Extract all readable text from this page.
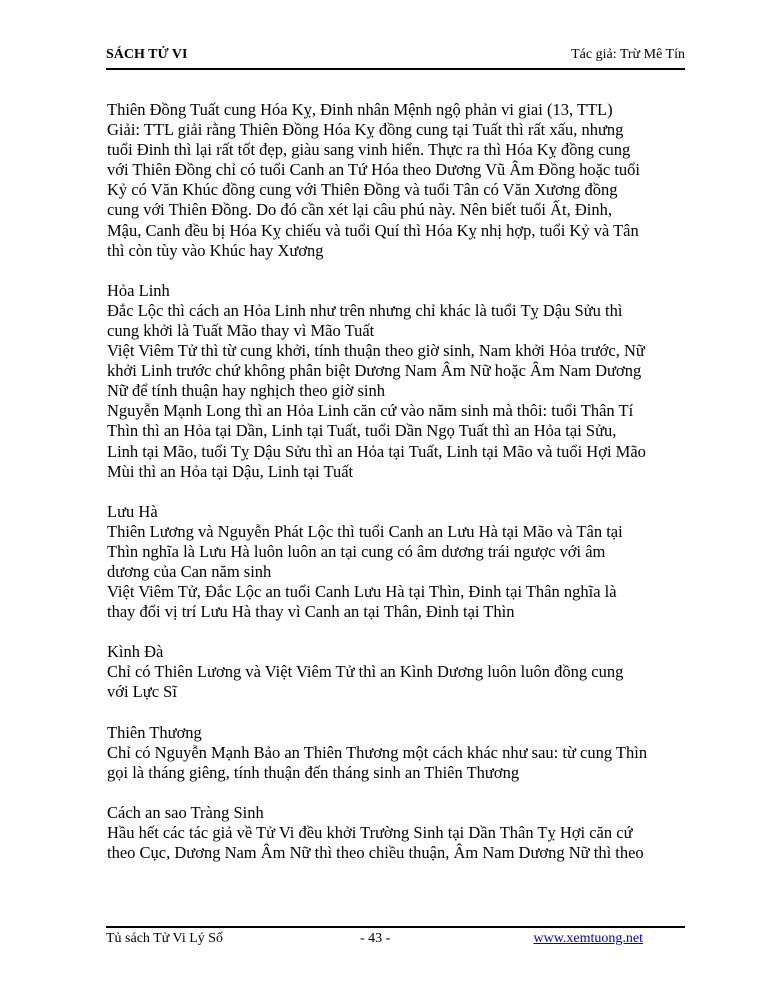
SÁCH TỬ VI	Tác giả: Trừ Mê Tín
Thiên Đồng Tuất cung Hóa Kỵ, Đinh nhân Mệnh ngộ phản vi giai (13, TTL)
Giải: TTL giải rằng Thiên Đồng Hóa Kỵ đồng cung tại Tuất thì rất xấu, nhưng
tuổi Đinh thì lại rất tốt đẹp, giàu sang vinh hiển. Thực ra thì Hóa Kỵ đồng cung
với Thiên Đồng chỉ có tuổi Canh an Tứ Hóa theo Dương Vũ Âm Đồng hoặc tuổi
Kỷ có Văn Khúc đồng cung với Thiên Đồng và tuổi Tân có Văn Xương đồng
cung với Thiên Đồng. Do đó cần xét lại câu phú này. Nên biết tuổi Ất, Đinh,
Mậu, Canh đều bị Hóa Kỵ chiếu và tuổi Quí thì Hóa Kỵ nhị hợp, tuổi Kỷ và Tân
thì còn tùy vào Khúc hay Xương
Hỏa Linh
Đắc Lộc thì cách an Hỏa Linh như trên nhưng chỉ khác là tuổi Tỵ Dậu Sửu thì
cung khởi là Tuất Mão thay vì Mão Tuất
Việt Viêm Tử thì từ cung khởi, tính thuận theo giờ sinh, Nam khởi Hỏa trước, Nữ
khởi Linh trước chứ không phân biệt Dương Nam Âm Nữ hoặc Âm Nam Dương
Nữ để tính thuận hay nghịch theo giờ sinh
Nguyễn Mạnh Long thì an Hỏa Linh căn cứ vào năm sinh mà thôi: tuổi Thân Tí
Thìn thì an Hỏa tại Dần, Linh tại Tuất, tuổi Dần Ngọ Tuất thì an Hỏa tại Sửu,
Linh tại Mão, tuổi Tỵ Dậu Sửu thì an Hỏa tại Tuất, Linh tại Mão và tuổi Hợi Mão
Mùi thì an Hỏa tại Dậu, Linh tại Tuất
Lưu Hà
Thiên Lương và Nguyễn Phát Lộc thì tuổi Canh an Lưu Hà tại Mão và Tân tại
Thìn nghĩa là Lưu Hà luôn luôn an tại cung có âm dương trái ngược với âm
dương của Can năm sinh
Việt Viêm Tử, Đắc Lộc an tuổi Canh Lưu Hà tại Thìn, Đinh tại Thân nghĩa là
thay đổi vị trí Lưu Hà thay vì Canh an tại Thân, Đinh tại Thìn
Kình Đà
Chỉ có Thiên Lương và Việt Viêm Tử thì an Kình Dương luôn luôn đồng cung
với Lực Sĩ
Thiên Thương
Chỉ có Nguyễn Mạnh Bảo an Thiên Thương một cách khác như sau: từ cung Thìn
gọi là tháng giêng, tính thuận đến tháng sinh an Thiên Thương
Cách an sao Tràng Sinh
Hầu hết các tác giả về Tử Vi đều khởi Trường Sinh tại Dần Thân Tỵ Hợi căn cứ
theo Cục, Dương Nam Âm Nữ thì theo chiều thuận, Âm Nam Dương Nữ thì theo
Tủ sách Tử Vi Lý Số	- 43 -	www.xemtuong.net
